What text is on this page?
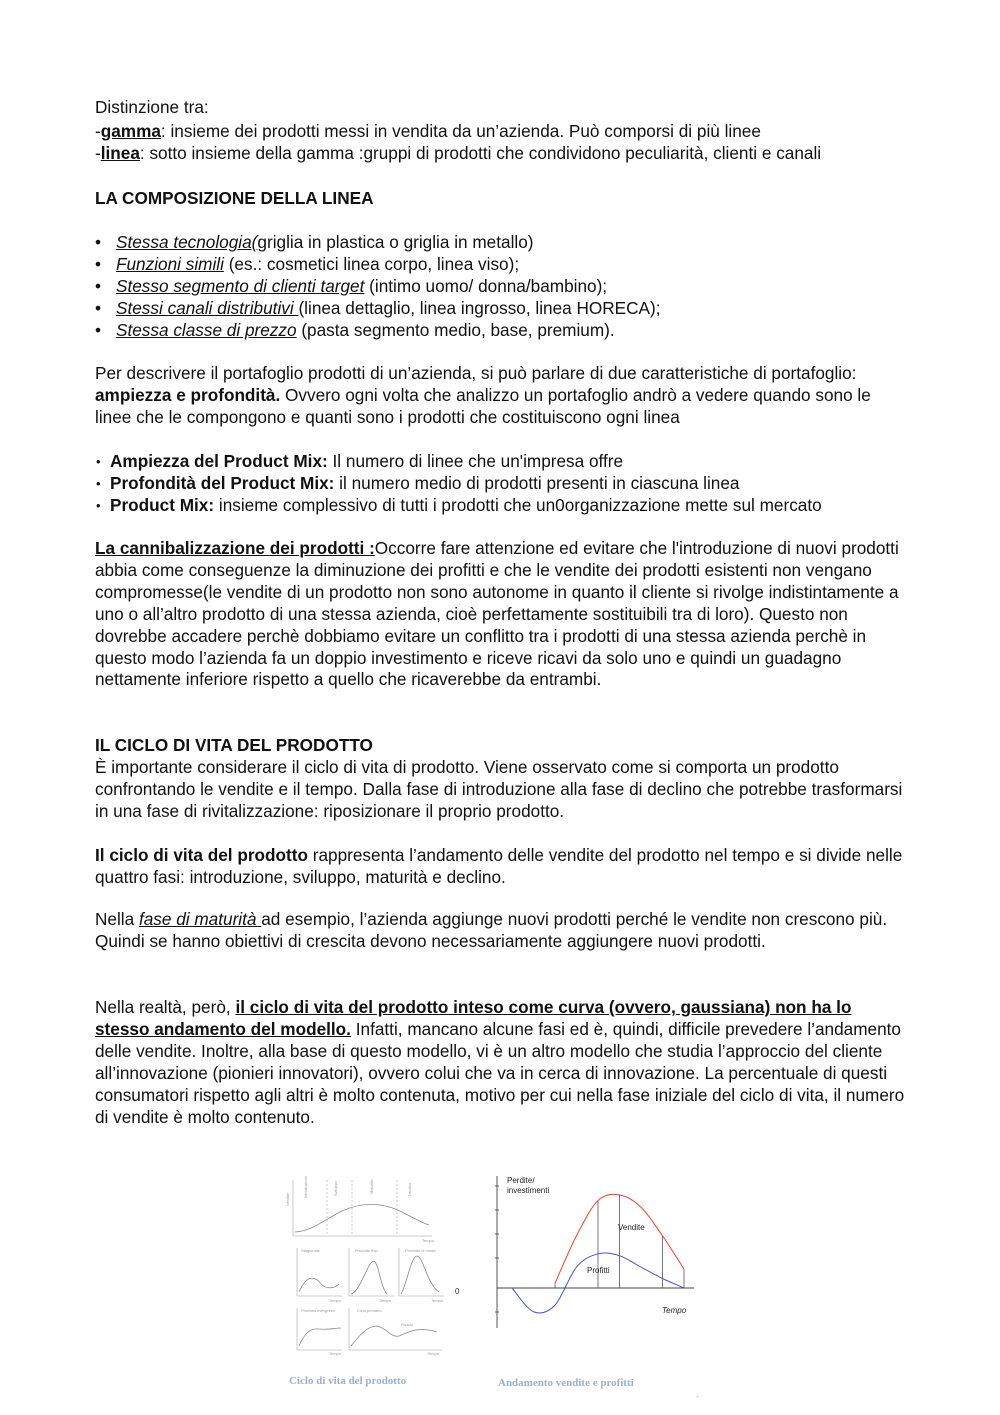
Distinzione tra:

-gamma: insieme dei prodotti messi in vendita da un’azienda. Può comporsi di più linee

-linea: sotto insieme della gamma :gruppi di prodotti che condividono peculiarità, clienti e canali

LA COMPOSIZIONE DELLA LINEA

• Stessa tecnologia(griglia in plastica o griglia in metallo)
• Funzioni simili (es.: cosmetici linea corpo, linea viso);
• Stesso segmento di clienti target (intimo uomo/ donna/bambino);
• Stessi canali distributivi (linea dettaglio, linea ingrosso, linea HORECA);
• Stessa classe di prezzo (pasta segmento medio, base, premium).

Per descrivere il portafoglio prodotti di un’azienda, si può parlare di due caratteristiche di portafoglio: ampiezza e profondità. Ovvero ogni volta che analizzo un portafoglio andrò a vedere quando sono le linee che le compongono e quanti sono i prodotti che costituiscono ogni linea

• Ampiezza del Product Mix: Il numero di linee che un'impresa offre
• Profondità del Product Mix: il numero medio di prodotti presenti in ciascuna linea
• Product Mix: insieme complessivo di tutti i prodotti che un0organizzazione mette sul mercato

La cannibalizzazione dei prodotti :Occorre fare attenzione ed evitare che l'introduzione di nuovi prodotti abbia come conseguenze la diminuzione dei profitti e che le vendite dei prodotti esistenti non vengano compromesse(le vendite di un prodotto non sono autonome in quanto il cliente si rivolge indistintamente a uno o all’altro prodotto di una stessa azienda, cioè perfettamente sostituibili tra di loro). Questo non dovrebbe accadere perchè dobbiamo evitare un conflitto tra i prodotti di una stessa azienda perchè in questo modo l’azienda fa un doppio investimento e riceve ricavi da solo uno e quindi un guadagno nettamente inferiore rispetto a quello che ricaverebbe da entrambi.

IL CICLO DI VITA DEL PRODOTTO

È importante considerare il ciclo di vita di prodotto. Viene osservato come si comporta un prodotto confrontando le vendite e il tempo. Dalla fase di introduzione alla fase di declino che potrebbe trasformarsi in una fase di rivitalizzazione: riposizionare il proprio prodotto.

Il ciclo di vita del prodotto rappresenta l’andamento delle vendite del prodotto nel tempo e si divide nelle quattro fasi: introduzione, sviluppo, maturità e declino.

Nella fase di maturità ad esempio, l’azienda aggiunge nuovi prodotti perché le vendite non crescono più. Quindi se hanno obiettivi di crescita devono necessariamente aggiungere nuovi prodotti.

Nella realtà, però, il ciclo di vita del prodotto inteso come curva (ovvero, gaussiana) non ha lo stesso andamento del modello. Infatti, mancano alcune fasi ed è, quindi, difficile prevedere l’andamento delle vendite. Inoltre, alla base di questo modello, vi è un altro modello che studia l’approccio del cliente all’innovazione (pionieri innovatori), ovvero colui che va in cerca di innovazione. La percentuale di questi consumatori rispetto agli altri è molto contenuta, motivo per cui nella fase iniziale del ciclo di vita, il numero di vendite è molto contenuto.

Vendite
Introduzione	Sviluppo	Maturità	Declino
Tempo
Stagionale	Prodotto flop	Prodotto di moda
Prodotto evergreen	Ciclo primario
Riciclo
Tempo	Tempo	Tempo
Tempo	Tempo
0
Ciclo di vita del prodotto
Perdite/
investimenti
Vendite
Profitti
Tempo
Andamento vendite e profitti
.
